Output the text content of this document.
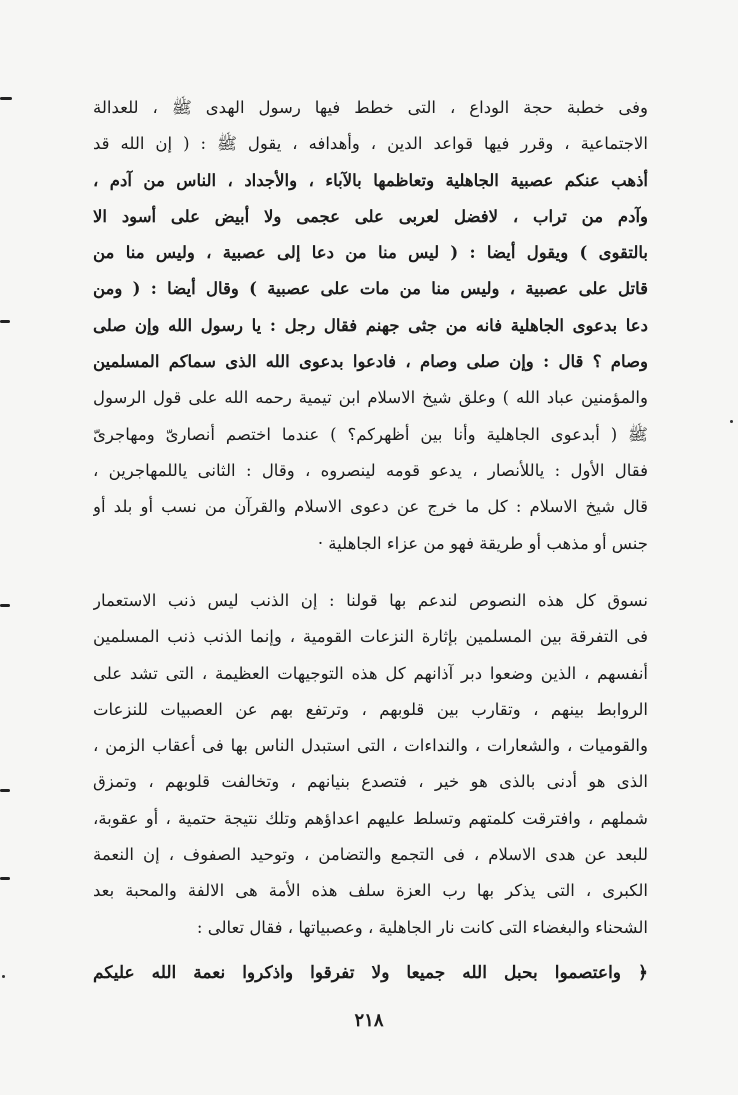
وفى خطبة حجة الوداع ، التى خطط فيها رسول الهدى ﷺ ، للعدالة
الاجتماعية ، وقرر فيها قواعد الدين ، وأهدافه ، يقول ﷺ : ( إن الله قد
أذهب عنكم عصبية الجاهلية وتعاظمها بالآباء ، والأجداد ، الناس من آدم ،
وآدم من تراب ، لافضل لعربى على عجمى ولا أبيض على أسود الا
بالتقوى ) ويقول أيضا : ( ليس منا من دعا إلى عصبية ، وليس منا من
قاتل على عصبية ، وليس منا من مات على عصبية ) وقال أيضا : ( ومن
دعا بدعوى الجاهلية فانه من جثى جهنم فقال رجل : يا رسول الله وإن صلى
وصام ؟ قال : وإن صلى وصام ، فادعوا بدعوى الله الذى سماكم المسلمين
والمؤمنين عباد الله ) وعلق شيخ الاسلام ابن تيمية رحمه الله على قول الرسول
ﷺ ( أبدعوى الجاهلية وأنا بين أظهركم؟ ) عندما اختصم أنصارىّ ومهاجرىّ
فقال الأول : ياللأنصار ، يدعو قومه لينصروه ، وقال : الثانى ياللمهاجرين ،
قال شيخ الاسلام : كل ما خرج عن دعوى الاسلام والقرآن من نسب أو بلد أو
جنس أو مذهب أو طريقة فهو من عزاء الجاهلية ·
نسوق كل هذه النصوص لندعم بها قولنا : إن الذنب ليس ذنب الاستعمار
فى التفرقة بين المسلمين بإثارة النزعات القومية ، وإنما الذنب ذنب المسلمين
أنفسهم ، الذين وضعوا دبر آذانهم كل هذه التوجيهات العظيمة ، التى تشد على
الروابط بينهم ، وتقارب بين قلوبهم ، وترتفع بهم عن العصبيات للنزعات
والقوميات ، والشعارات ، والنداءات ، التى استبدل الناس بها فى أعقاب الزمن ،
الذى هو أدنى بالذى هو خير ، فتصدع بنيانهم ، وتخالفت قلوبهم ، وتمزق
شملهم ، وافترقت كلمتهم وتسلط عليهم اعداؤهم وتلك نتيجة حتمية ، أو عقوبة،
للبعد عن هدى الاسلام ، فى التجمع والتضامن ، وتوحيد الصفوف ، إن النعمة
الكبرى ، التى يذكر بها رب العزة سلف هذه الأمة هى الالفة والمحبة بعد
الشحناء والبغضاء التى كانت نار الجاهلية ، وعصبياتها ، فقال تعالى :
﴿ واعتصموا بحبل الله جميعا ولا تفرقوا واذكروا نعمة الله عليكم
٢١٨
